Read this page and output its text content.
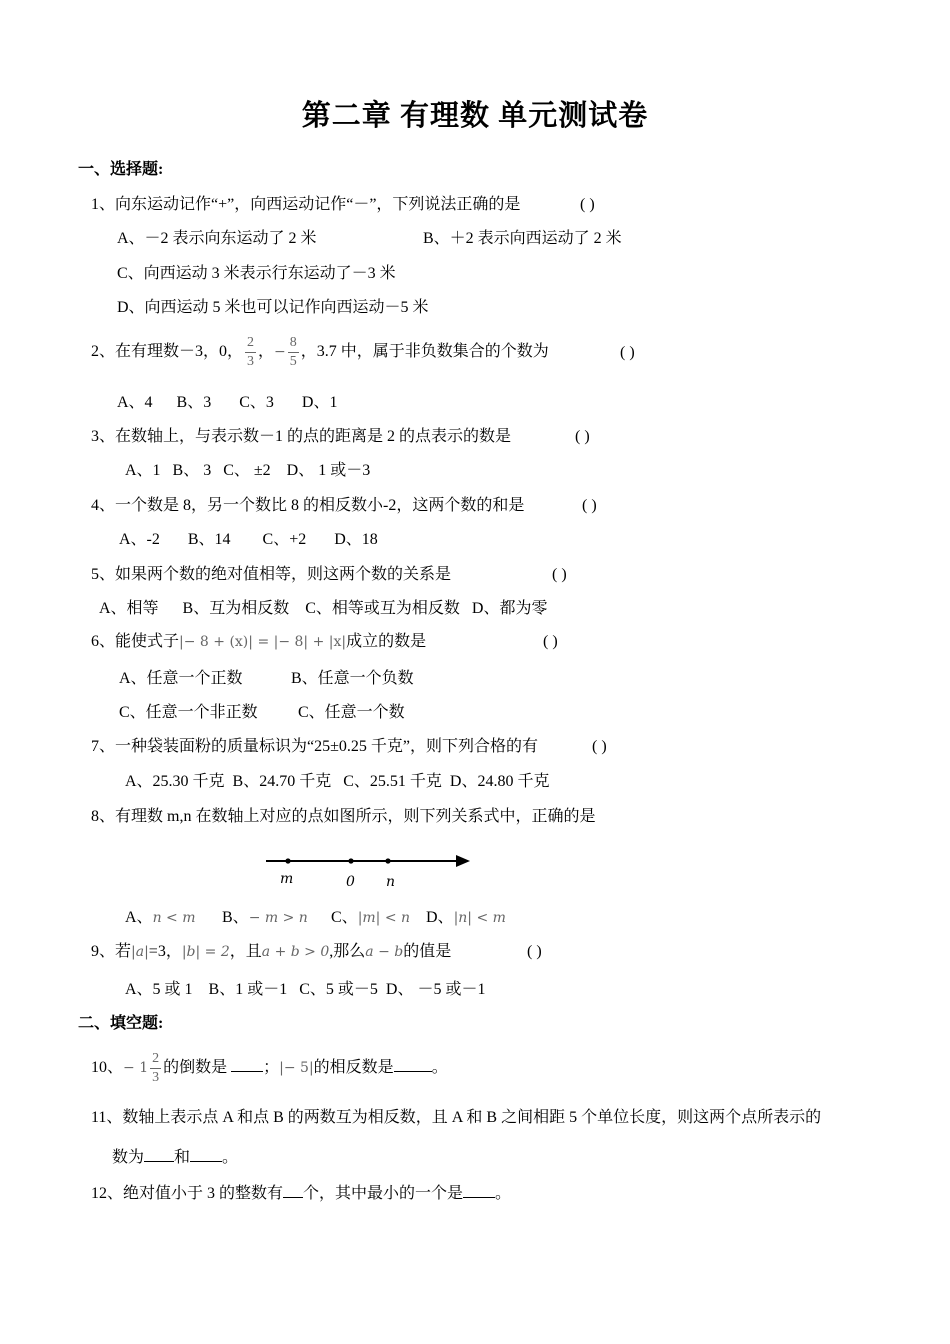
第二章 有理数 单元测试卷
一、选择题:
1、向东运动记作“+”，向西运动记作“－”，下列说法正确的是	( )
A、－2 表示向东运动了 2 米	B、＋2 表示向西运动了 2 米
C、向西运动 3 米表示行东运动了－3 米
D、向西运动 5 米也可以记作向西运动－5 米
2、在有理数－3，0， $\frac{2}{3}$ ，− $\frac{8}{5}$ ，3.7 中，属于非负数集合的个数为	( )
A、4      B、3       C、3       D、1
3、在数轴上，与表示数－1 的点的距离是 2 的点表示的数是	( )
A、1   B、 3   C、 ±2    D、 1 或－3
4、一个数是 8，另一个数比 8 的相反数小-2，这两个数的和是	( )
A、-2       B、14        C、+2       D、18
5、如果两个数的绝对值相等，则这两个数的关系是	( )
A、相等      B、互为相反数    C、相等或互为相反数   D、都为零
6、能使式子|− 8 + (x)| = |− 8| + |x|成立的数是	( )
A、任意一个正数	B、任意一个负数
C、任意一个非正数	C、任意一个数
7、一种袋装面粉的质量标识为“25±0.25 千克”，则下列合格的有	( )
A、25.30 千克  B、24.70 千克   C、25.51 千克  D、24.80 千克
8、有理数 m,n 在数轴上对应的点如图所示，则下列关系式中，正确的是
m	0 n
A、n < m B、− m > n C、|m| < n D、|n| < m
9、若|a|=3，|b| = 2，且a + b > 0,那么a − b的值是	( )
A、5 或 1    B、1 或－1   C、5 或－5  D、 －5 或－1
二、填空题:
10、− $1 \frac{2}{3}$ 的倒数是 ；|− 5|的相反数是 。
11、数轴上表示点 A 和点 B 的两数互为相反数，且 A 和 B 之间相距 5 个单位长度，则这两个点所表示的
数为 和 。
12、绝对值小于 3 的整数有 个，其中最小的一个是 。
